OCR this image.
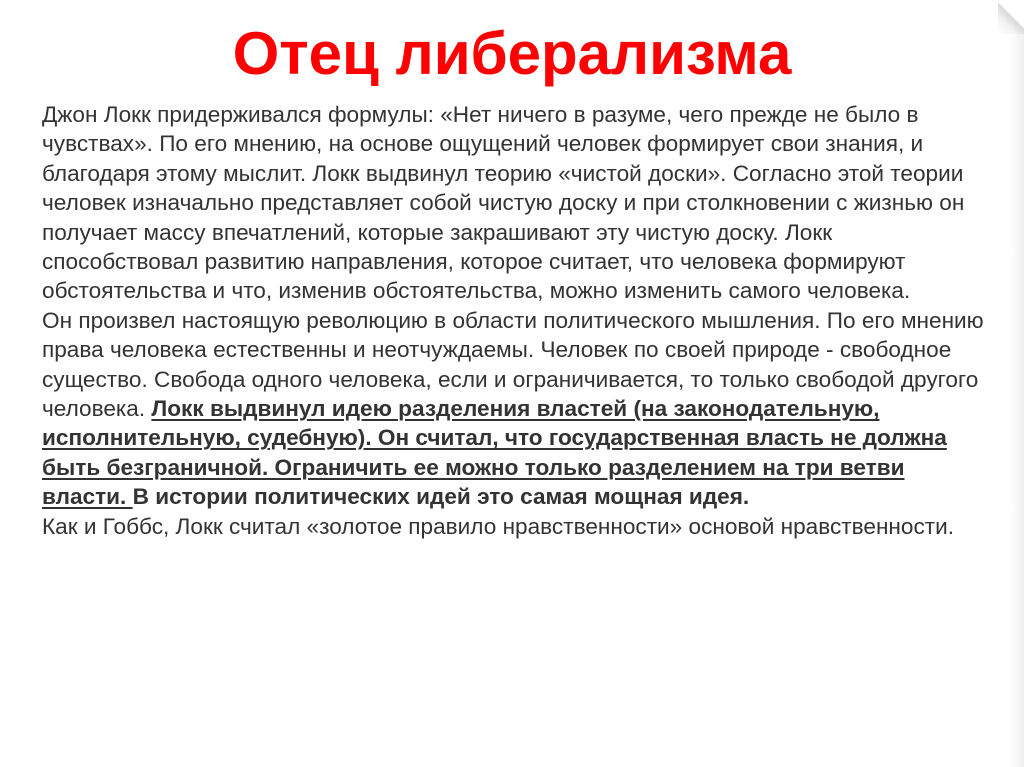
Отец либерализма

Джон Локк придерживался формулы: «Нет ничего в разуме, чего прежде не было в чувствах». По его мнению, на основе ощущений человек формирует свои знания, и благодаря этому мыслит. Локк выдвинул теорию «чистой доски». Согласно этой теории человек изначально представляет собой чистую доску и при столкновении с жизнью он получает массу впечатлений, которые закрашивают эту чистую доску. Локк способствовал развитию направления, которое считает, что человека формируют обстоятельства и что, изменив обстоятельства, можно изменить самого человека.

Он произвел настоящую революцию в области политического мышления. По его мнению права человека естественны и неотчуждаемы. Человек по своей природе - свободное существо. Свобода одного человека, если и ограничивается, то только свободой другого человека. Локк выдвинул идею разделения властей (на законодательную, исполнительную, судебную). Он считал, что государственная власть не должна быть безграничной. Ограничить ее можно только разделением на три ветви власти. В истории политических идей это самая мощная идея.

Как и Гоббс, Локк считал «золотое правило нравственности» основой нравственности.
